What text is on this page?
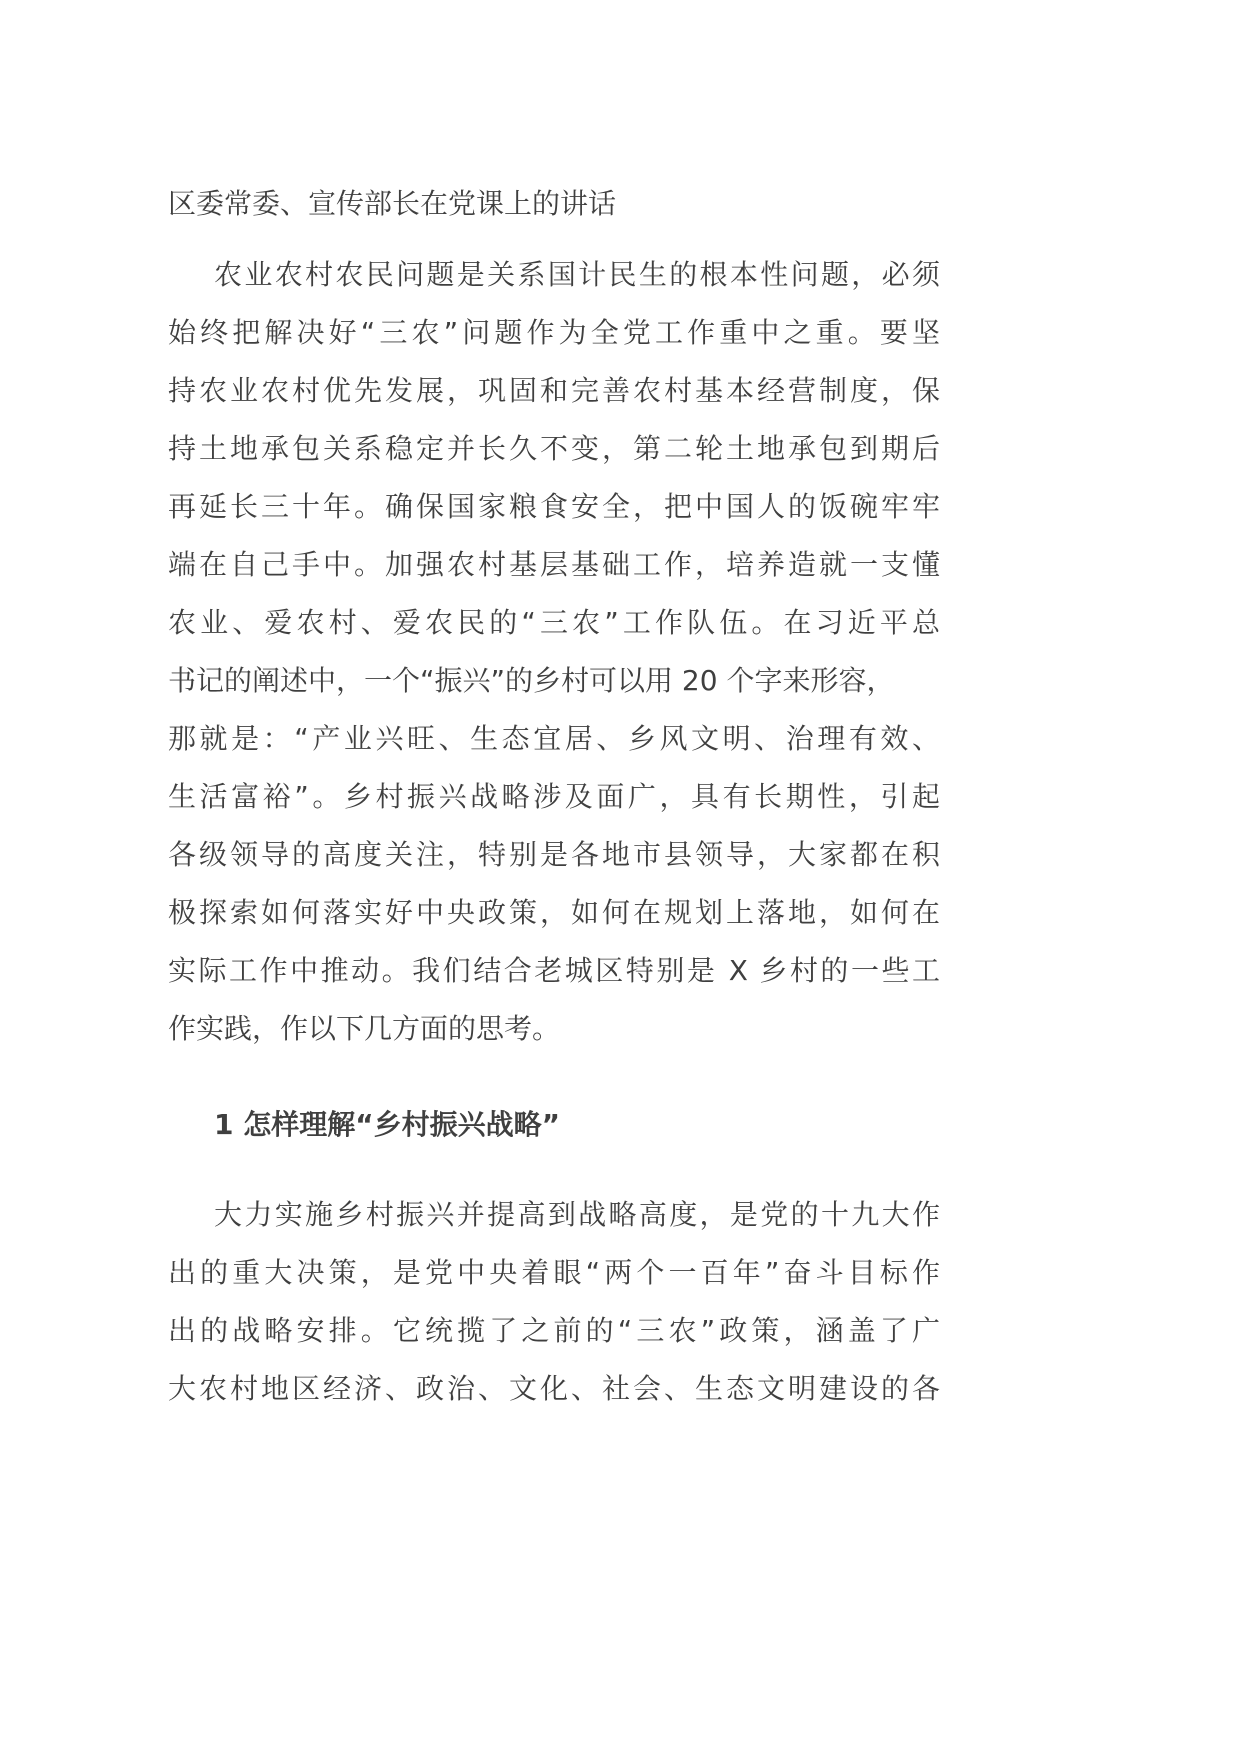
区委常委、宣传部长在党课上的讲话
农业农村农民问题是关系国计民生的根本性问题，必须
始终把解决好“三农”问题作为全党工作重中之重。要坚
持农业农村优先发展，巩固和完善农村基本经营制度，保
持土地承包关系稳定并长久不变，第二轮土地承包到期后
再延长三十年。确保国家粮食安全，把中国人的饭碗牢牢
端在自己手中。加强农村基层基础工作，培养造就一支懂
农业、爱农村、爱农民的“三农”工作队伍。在习近平总
书记的阐述中，一个“振兴”的乡村可以用 20 个字来形容，
那就是：“产业兴旺、生态宜居、乡风文明、治理有效、
生活富裕”。乡村振兴战略涉及面广，具有长期性，引起
各级领导的高度关注，特别是各地市县领导，大家都在积
极探索如何落实好中央政策，如何在规划上落地，如何在
实际工作中推动。我们结合老城区特别是 X 乡村的一些工
作实践，作以下几方面的思考。
1 怎样理解“乡村振兴战略”
大力实施乡村振兴并提高到战略高度，是党的十九大作
出的重大决策，是党中央着眼“两个一百年”奋斗目标作
出的战略安排。它统揽了之前的“三农”政策，涵盖了广
大农村地区经济、政治、文化、社会、生态文明建设的各
